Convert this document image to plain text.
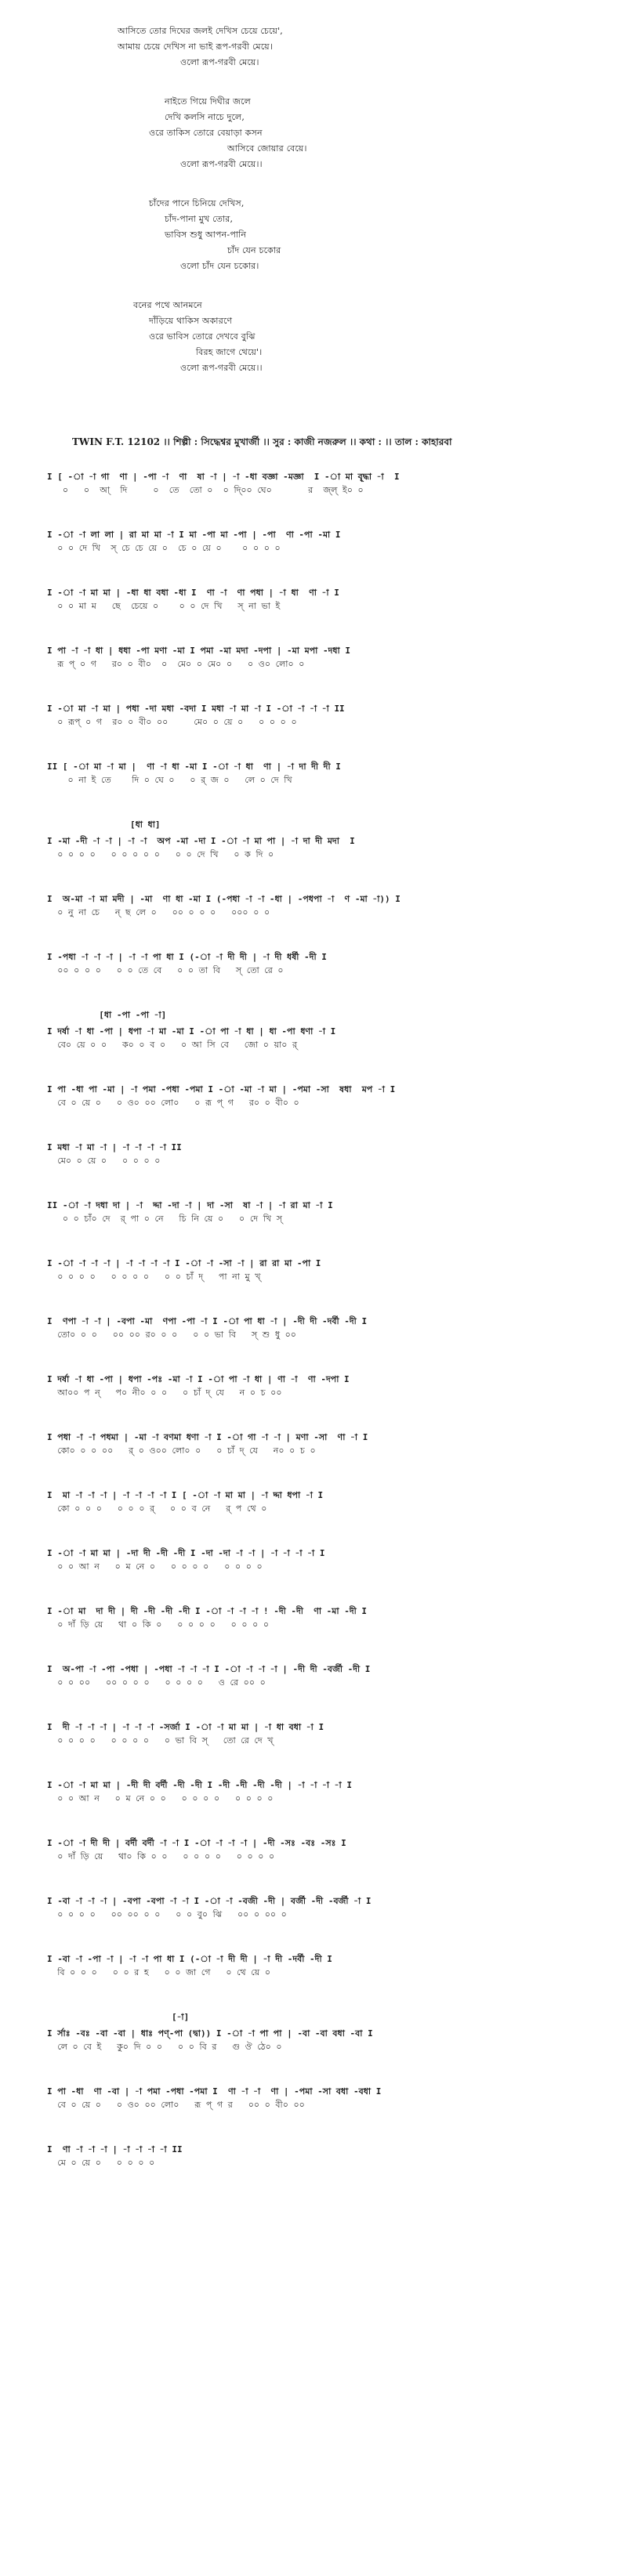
আসিতে তোর দিঘের জলই দেখিস চেয়ে চেয়ে',
আমায় চেয়ে দেখিস না ভাই রূপ-গরবী মেয়ে।
ওলো রূপ-গরবী মেয়ে।
নাইতে গিয়ে দিঘীর জলে
দেখি কলসি নাচে দুলে,
ওরে তাকিস তোরে বেয়াড়া কসন
আসিবে জোয়ার বেয়ে।
ওলো রূপ-গরবী মেয়ে।।
চাঁদের পানে চিনিয়ে দেখিস,
চাঁদ-পানা মুখ তোর,
ভাবিস শুধু আপন-পানি
চাঁদ যেন চকোর
ওলো চাঁদ যেন চকোর।
বনের পথে আনমনে
দাঁড়িয়ে থাকিস অকারণে
ওরে ভাবিস তোরে দেখবে বুঝি
বিরহ জাগে থেয়ে'।
ওলো রূপ-গরবী মেয়ে।।
TWIN F.T. 12102 ।। শিল্পী : সিদ্ধেশ্বর মুখার্জী ।। সুর : কাজী নজরুল ।। কথা : ।। তাল : কাহারবা
I [ -া -া গা  ণা | -পা -া  ণা  ষা -া | -া -ধা বজ্ঞা -মজ্ঞা  I -া মা বৃ্দ্ধা -া  I
০   ০  আ্  দি     ০  তে  তো ০  ০ দি্০০ ঘে০       র  জ্ল্ ই০ ০
I -া -া লা লা | রা মা মা -া I মা -পা মা -পা | -পা  ণা -পা -মা I
০ ০ দে খি  স্ চে চে য়ে ০  চে ০ য়ে ০    ০ ০ ০ ০
I -া -া মা মা | -ধা ধা বধা -ধা I  ণা -া  ণা পধা | -া ধা  ণা -া I
০ ০ মা ম   ছে  চেয়ে ০    ০ ০ দে খি   স্ না ভা ই
I পা -া -া ধা | ধধা -পা মণা -মা I পমা -মা মদা -দপা | -মা মপা -দধা I
রূ প্ ০ গ   র০ ০ বী০  ০  মে০ ০ মে০ ০   ০ ও০ লো০ ০
I -া মা -া মা | পধা -দা মধা -বদা I মধা -া মা -া I -া -া -া -া II
০ রূপ্ ০ গ  র০ ০ বী০ ০০     মে০ ০ য়ে ০   ০ ০ ০ ০
II [ -া মা -া মা |  ণা -া ধা -মা I -া -া ধা  ণা | -া দা দী দী I
০ না ই তে    দি ০ ঘে ০   ০ র্ জ ০   লে ০ দে খি
[ধা ধা]
I -মা -দী -া -া | -া -া  অপ -মা -দা I -া -া মা পা | -া দা দী মদা  I
০ ০ ০ ০   ০ ০ ০ ০ ০   ০ ০ দে খি   ০ ক দি ০
I  অ-মা -া মা মদী | -মা  ণা ধা -মা I (-পধা -া -া -ধা | -পধপা -া  ণ -মা -া)) I
০ নু না চে   ন্ ছ লে ০   ০০ ০ ০ ০   ০০০ ০ ০
I -পধা -া -া -া | -া -া পা ধা I (-া -া দী দী | -া দী ধর্ষী -দী I
০০ ০ ০ ০   ০ ০ তে বে   ০ ০ তা বি   স্ তো রে ০
[ধা -পা -পা -া]
I দর্ষা -া ধা -পা | ধপা -া মা -মা I -া পা -া ধা | ধা -পা ধণা -া I
বে০ য়ে ০ ০   ক০ ০ ব ০   ০ আ সি বে   জো ০ য়া০ র্
I পা -ধা পা -মা | -া পমা -পধা -পমা I -া -মা -া মা | -পমা -সা  ষধা  মপ -া I
বে ০ য়ে ০   ০ ও০ ০০ লো০   ০ রূ প্ গ   র০ ০ বী০ ০
I মধা -া মা -া | -া -া -া -া II
মে০ ০ য়ে ০   ০ ০ ০ ০
II -া -া দধা দা | -া  দ্দা -দা -া | দা -সা  ষা -া | -া রা মা -া I
০ ০ চাঁ০ দে  র্ পা ০ নে   চি নি য়ে ০   ০ দে খি স্
I -া -া -া -া | -া -া -া -া I -া -া -সা -া | রা রা মা -পা I
০ ০ ০ ০   ০ ০ ০ ০   ০ ০ চাঁ দ্   পা না মু খ্
I  ণপা -া -া | -বপা -মা  ণপা -পা -া I -া পা ধা -া | -দী দী -দর্বী -দী I
তো০ ০ ০   ০০ ০০ র০ ০ ০   ০ ০ ভা বি   স্ শু ধু ০০
I দর্ষা -া ধা -পা | ধপা -পঃ -মা -া I -া পা -া ধা | ণা -া  ণা -দপা I
আ০০ প ন্   প০ নী০ ০ ০   ০ চাঁ দ্ যে   ন ০ চ ০০
I পধা -া -া পধমা | -মা -া বণমা ধণা -া I -া গা -া -া | মণা -সা  ণা -া I
কো০ ০ ০ ০০   র্ ০ ও০০ লো০ ০   ০ চাঁ দ্ যে   ন০ ০ চ ০
I  মা -া -া -া | -া -া -া -া I [ -া -া মা মা | -া দ্দা ধপা -া I
কো ০ ০ ০   ০ ০ ০ র্   ০ ০ ব নে   র্ প থে ০
I -া -া মা মা | -দা দী -দী -দী I -দা -দা -া -া | -া -া -া -া I
০ ০ আ ন   ০ ম নে ০   ০ ০ ০ ০   ০ ০ ০ ০
I -া মা  দা দী | দী -দী -দী -দী I -া -া -া -া ! -দী -দী  ণা -মা -দী I
০ দাঁ ড়ি য়ে   থা ০ কি ০   ০ ০ ০ ০   ০ ০ ০ ০
I  অ-পা -া -পা -পধা | -পধা -া -া -া I -া -া -া -া | -দী দী -বর্জী -দী I
০ ০ ০০   ০০ ০ ০ ০   ০ ০ ০ ০   ও রে ০০ ০
I  দী -া -া -া | -া -া -া -সর্জা I -া -া মা মা | -া ধা বধা -া I
০ ০ ০ ০   ০ ০ ০ ০   ০ ভা বি স্   তো রে দে খ্
I -া -া মা মা | -দী দী বর্দী -দী -দী I -দী -দী -দী -দী | -া -া -া -া I
০ ০ আ ন   ০ ম নে ০ ০   ০ ০ ০ ০   ০ ০ ০ ০
I -া -া দী দী | বর্দী বর্দী -া -া I -া -া -া -া | -দী -সঃ -বঃ -সঃ I
০ দাঁ ড়ি য়ে   থা০ কি ০ ০   ০ ০ ০ ০   ০ ০ ০ ০
I -বা -া -া -া | -বপা -বপা -া -া I -া -া -বজী -দী | বর্জী -দী -বর্জী -া I
০ ০ ০ ০   ০০ ০০ ০ ০   ০ ০ বু০ ঝি   ০০ ০ ০০ ০
I -বা -া -পা -া | -া -া পা ধা I (-া -া দী দী | -া দী -দর্বী -দী I
বি ০ ০ ০   ০ ০ র হ   ০ ০ জা গে   ০ থে য়ে ০
[-া]
I র্সাঃ -বঃ -বা -বা | ধাঃ পণ্-পা (দ্বা)) I -া -া পা পা | -বা -বা বধা -বা I
লে ০ বে ই   কু০ দি ০ ০   ০ ০ বি র   গু ঔ ঠে০ ০
I পা -ধা  ণা -বা | -া পমা -পধা -পমা I  ণা -া -া  ণা | -পমা -সা বধা -বধা I
বে ০ য়ে ০   ০ ও০ ০০ লো০   রূ প্ গ র   ০০ ০ বী০ ০০
I  ণা -া -া -া | -া -া -া -া II
মে ০ য়ে ০   ০ ০ ০ ০
